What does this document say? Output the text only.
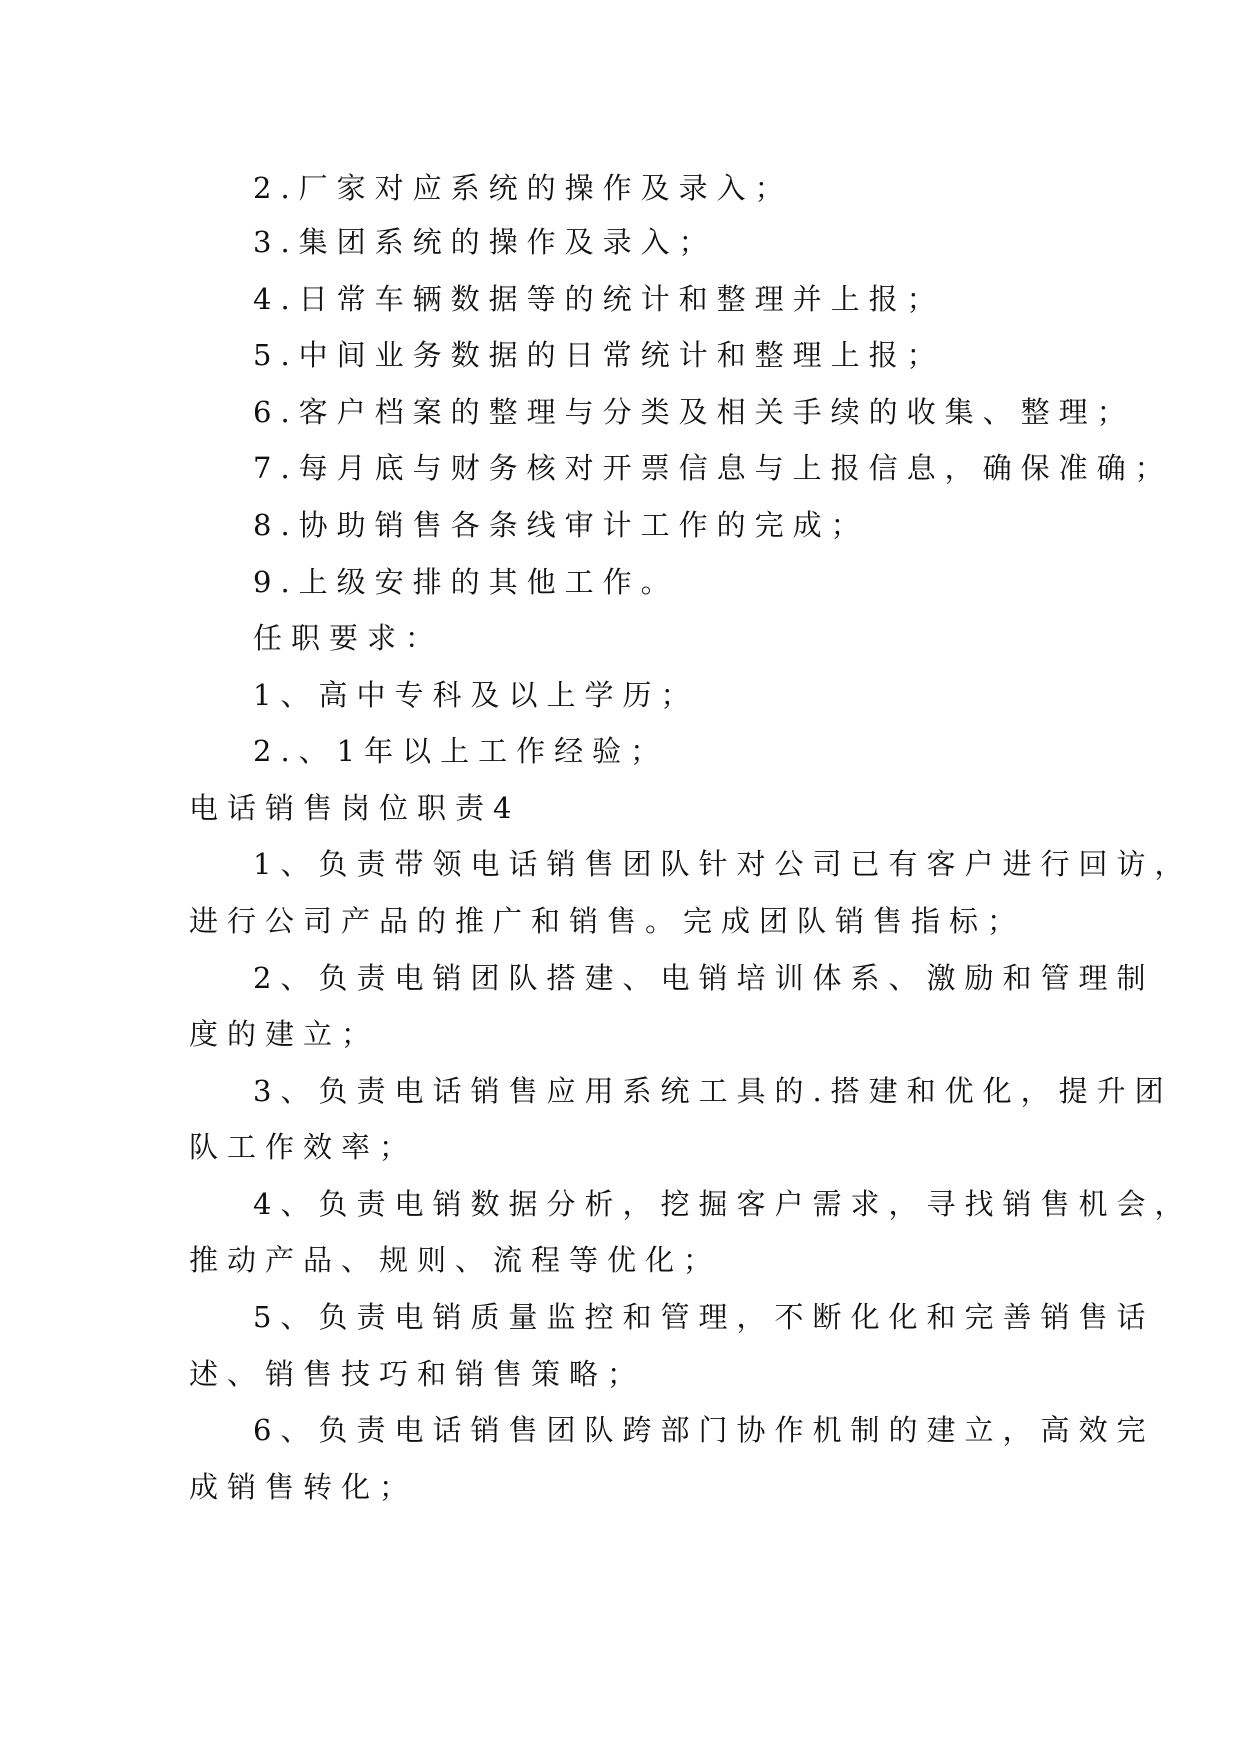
2.厂家对应系统的操作及录入；

3.集团系统的操作及录入；

4.日常车辆数据等的统计和整理并上报；

5.中间业务数据的日常统计和整理上报；

6.客户档案的整理与分类及相关手续的收集、整理；

7.每月底与财务核对开票信息与上报信息，确保准确；

8.协助销售各条线审计工作的完成；

9.上级安排的其他工作。

任职要求：

1、高中专科及以上学历；

2.、1年以上工作经验；

电话销售岗位职责4

1、负责带领电话销售团队针对公司已有客户进行回访，

进行公司产品的推广和销售。完成团队销售指标；

2、负责电销团队搭建、电销培训体系、激励和管理制

度的建立；

3、负责电话销售应用系统工具的.搭建和优化，提升团

队工作效率；

4、负责电销数据分析，挖掘客户需求，寻找销售机会，

推动产品、规则、流程等优化；

5、负责电销质量监控和管理，不断化化和完善销售话

述、销售技巧和销售策略；

6、负责电话销售团队跨部门协作机制的建立，高效完

成销售转化；
